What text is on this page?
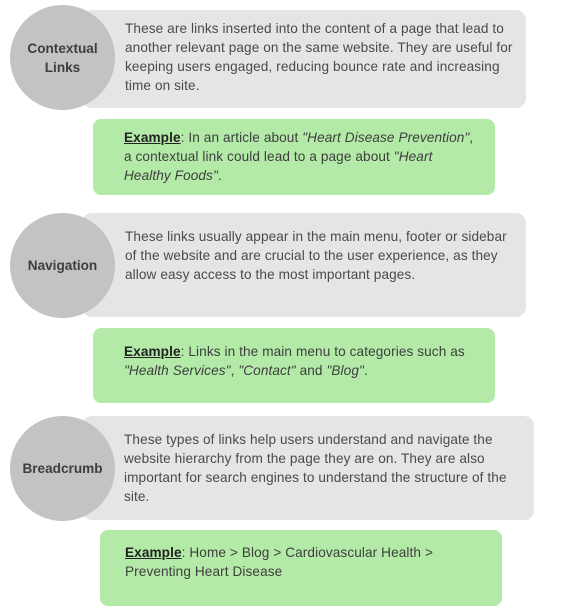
These are links inserted into the content of a page that lead to another relevant page on the same website. They are useful for keeping users engaged, reducing bounce rate and increasing time on site.
Contextual
Links
Example: In an article about "Heart Disease Prevention", a contextual link could lead to a page about "Heart Healthy Foods".
These links usually appear in the main menu, footer or sidebar of the website and are crucial to the user experience, as they allow easy access to the most important pages.
Navigation
Example: Links in the main menu to categories such as "Health Services", "Contact" and "Blog".
These types of links help users understand and navigate the website hierarchy from the page they are on. They are also important for search engines to understand the structure of the site.
Breadcrumb
Example: Home > Blog > Cardiovascular Health > Preventing Heart Disease
